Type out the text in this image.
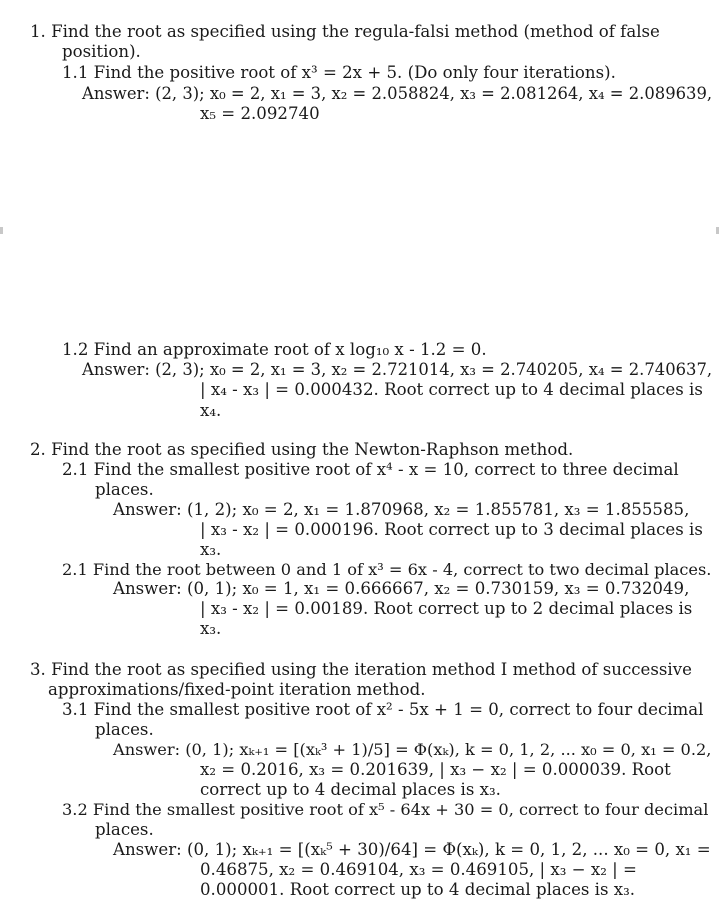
1. Find the root as specified using the regula-falsi method (method of false
position).
1.1 Find the positive root of x³ = 2x + 5. (Do only four iterations).
Answer: (2, 3); x₀ = 2, x₁ = 3, x₂ = 2.058824, x₃ = 2.081264, x₄ = 2.089639,
x₅ = 2.092740
1.2 Find an approximate root of x log₁₀ x - 1.2 = 0.
Answer: (2, 3); x₀ = 2, x₁ = 3, x₂ = 2.721014, x₃ = 2.740205, x₄ = 2.740637,
| x₄ - x₃ | = 0.000432. Root correct up to 4 decimal places is
x₄.
2. Find the root as specified using the Newton-Raphson method.
2.1 Find the smallest positive root of x⁴ - x = 10, correct to three decimal
places.
Answer: (1, 2); x₀ = 2, x₁ = 1.870968, x₂ = 1.855781, x₃ = 1.855585,
| x₃ - x₂ | = 0.000196. Root correct up to 3 decimal places is
x₃.
2.1 Find the root between 0 and 1 of x³ = 6x - 4, correct to two decimal places.
Answer: (0, 1); x₀ = 1, x₁ = 0.666667, x₂ = 0.730159, x₃ = 0.732049,
| x₃ - x₂ | = 0.00189. Root correct up to 2 decimal places is
x₃.
3. Find the root as specified using the iteration method I method of successive
approximations/fixed-point iteration method.
3.1 Find the smallest positive root of x² - 5x + 1 = 0, correct to four decimal
places.
Answer: (0, 1); xₖ₊₁ = [(xₖ³ + 1)/5] = Φ(xₖ), k = 0, 1, 2, ... x₀ = 0, x₁ = 0.2,
x₂ = 0.2016, x₃ = 0.201639, | x₃ − x₂ | = 0.000039. Root
correct up to 4 decimal places is x₃.
3.2 Find the smallest positive root of x⁵ - 64x + 30 = 0, correct to four decimal
places.
Answer: (0, 1); xₖ₊₁ = [(xₖ⁵ + 30)/64] = Φ(xₖ), k = 0, 1, 2, ... x₀ = 0, x₁ =
0.46875, x₂ = 0.469104, x₃ = 0.469105, | x₃ − x₂ | =
0.000001. Root correct up to 4 decimal places is x₃.
